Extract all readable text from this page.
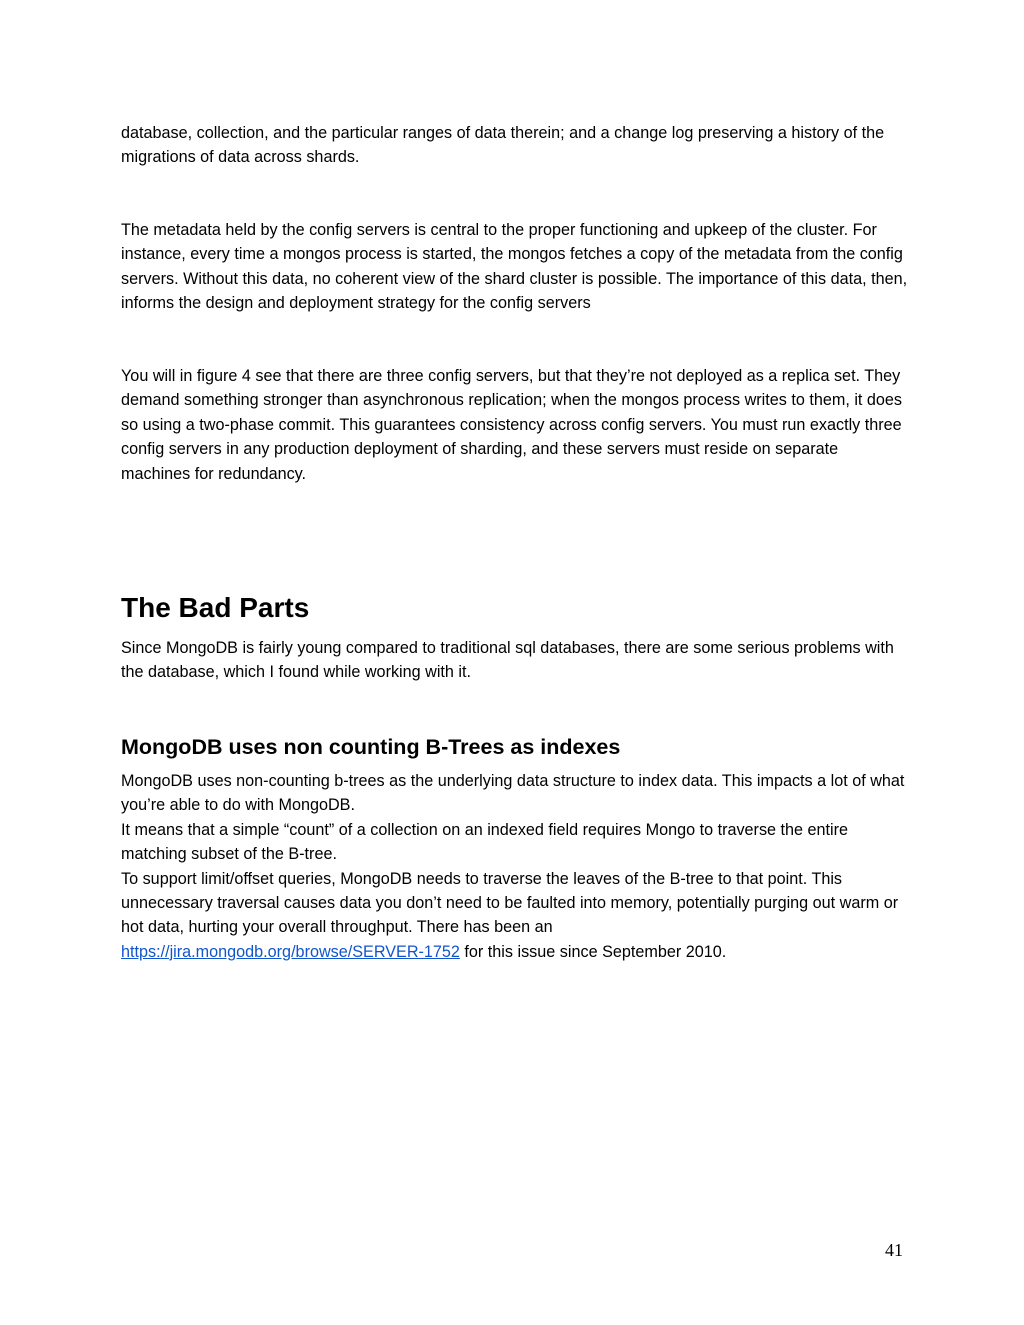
database, collection, and the particular ranges of data therein; and a change log preserving a history of the migrations of data across shards.

The metadata held by the config servers is central to the proper functioning and upkeep of the cluster. For instance, every time a mongos process is started, the mongos fetches a copy of the metadata from the config servers. Without this data, no coherent view of the shard cluster is possible. The importance of this data, then, informs the design and deployment strategy for the config servers

You will in figure 4 see that there are three config servers, but that they’re not deployed as a replica set. They demand something stronger than asynchronous replication; when the mongos process writes to them, it does so using a two-phase commit. This guarantees consistency across config servers. You must run exactly three config servers in any production deployment of sharding, and these servers must reside on separate machines for redundancy.

The Bad Parts

Since MongoDB is fairly young compared to traditional sql databases, there are some serious problems with the database, which I found while working with it.

MongoDB uses non counting B-Trees as indexes
MongoDB uses non-counting b-trees as the underlying data structure to index data. This impacts a lot of what you’re able to do with MongoDB.
It means that a simple “count” of a collection on an indexed field requires Mongo to traverse the entire matching subset of the B-tree.
To support limit/offset queries, MongoDB needs to traverse the leaves of the B-tree to that point. This unnecessary traversal causes data you don’t need to be faulted into memory, potentially purging out warm or hot data, hurting your overall throughput. There has been an
https://jira.mongodb.org/browse/SERVER-1752 for this issue since September 2010.
41
